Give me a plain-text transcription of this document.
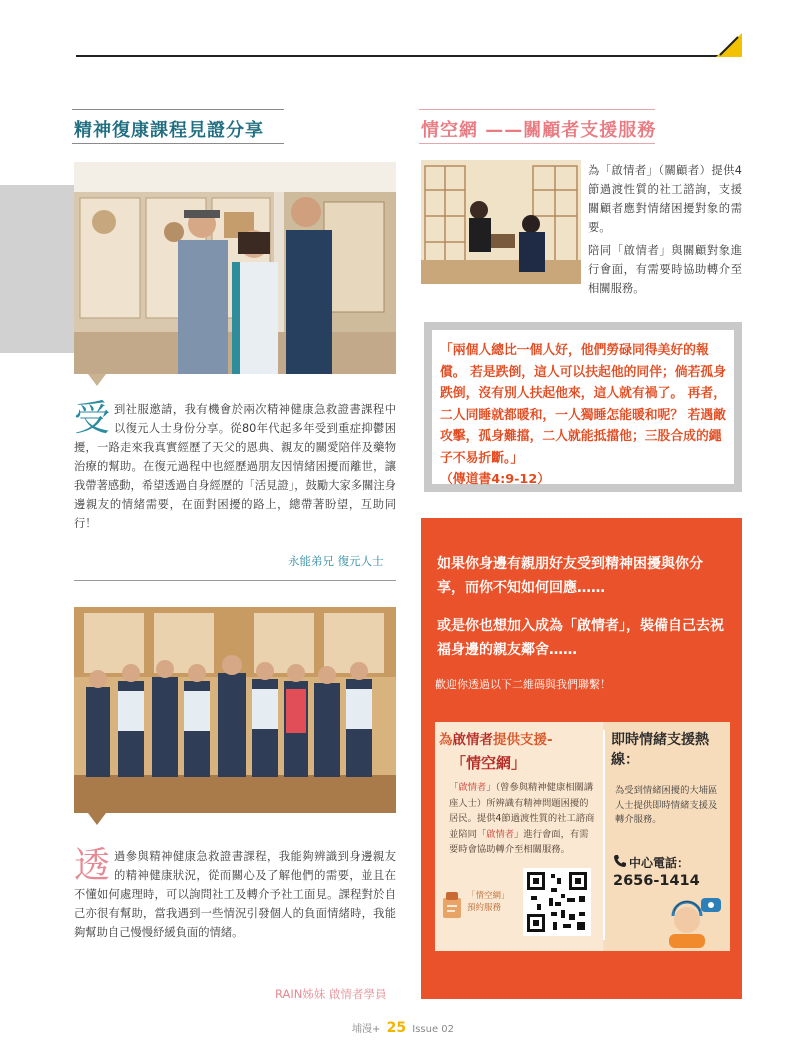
精神復康課程見證分享
受 到社服邀請，我有機會於兩次精神健康急救證書課程中以復元人士身份分享。從80年代起多年受到重症抑鬱困擾，一路走來我真實經歷了天父的恩典、親友的關愛陪伴及藥物治療的幫助。在復元過程中也經歷過朋友因情緒困擾而離世，讓我帶著感動，希望透過自身經歷的「活見證」，鼓勵大家多關注身邊親友的情緒需要，在面對困擾的路上，總帶著盼望，互助同行！
永能弟兄 復元人士
透 過參與精神健康急救證書課程，我能夠辨識到身邊親友的精神健康狀況，從而關心及了解他們的需要，並且在不懂如何處理時，可以詢問社工及轉介予社工面見。課程對於自己亦很有幫助，當我遇到一些情況引發個人的負面情緒時，我能夠幫助自己慢慢紓緩負面的情緒。
RAIN姊妹 啟情者學員
情空網 ——關顧者支援服務
為「啟情者」（關顧者）提供4節過渡性質的社工諮詢，支援關顧者應對情緒困擾對象的需要。
陪同「啟情者」與關顧對象進行會面，有需要時協助轉介至相關服務。
「兩個人總比一個人好，他們勞碌同得美好的報償。 若是跌倒，這人可以扶起他的同伴；倘若孤身跌倒，沒有別人扶起他來，這人就有禍了。 再者，二人同睡就都暖和，一人獨睡怎能暖和呢？ 若遇敵攻擊，孤身難擋，二人就能抵擋他；三股合成的繩子不易折斷。」
（傳道書4:9-12）
如果你身邊有親朋好友受到精神困擾與你分享，而你不知如何回應……
或是你也想加入成為「啟情者」，裝備自己去祝福身邊的親友鄰舍……
歡迎你透過以下二維碼與我們聯繫！
為啟情者提供支援-
「情空網」
「啟情者」（曾參與精神健康相關講座人士）所辨識有精神問題困擾的居民。提供4節過渡性質的社工諮商並陪同「啟情者」進行會面，有需要時會協助轉介至相關服務。
「情空網」預約服務
即時情緒支援熱線：
為受到情緒困擾的大埔區人士提供即時情緒支援及轉介服務。
中心電話：
2656-1414
埔漫+ 25 Issue 02
